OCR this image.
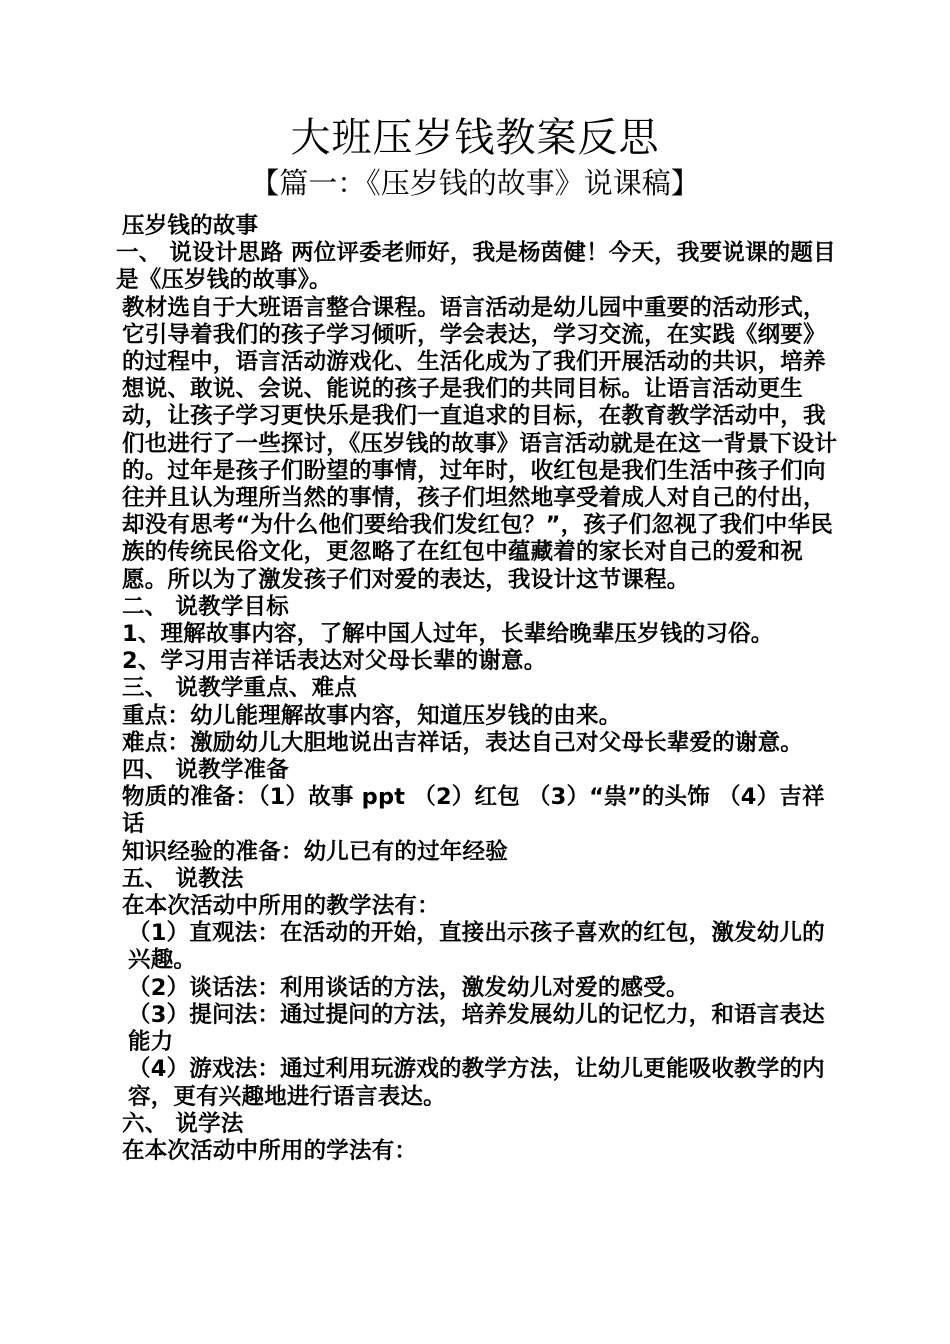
大班压岁钱教案反思
【篇一：《压岁钱的故事》说课稿】

压岁钱的故事

一、 说设计思路 两位评委老师好，我是杨茵健！今天，我要说课的题目是《压岁钱的故事》。

教材选自于大班语言整合课程。语言活动是幼儿园中重要的活动形式，它引导着我们的孩子学习倾听，学会表达，学习交流，在实践《纲要》的过程中，语言活动游戏化、生活化成为了我们开展活动的共识，培养想说、敢说、会说、能说的孩子是我们的共同目标。让语言活动更生动，让孩子学习更快乐是我们一直追求的目标，在教育教学活动中，我们也进行了一些探讨，《压岁钱的故事》语言活动就是在这一背景下设计的。过年是孩子们盼望的事情，过年时，收红包是我们生活中孩子们向往并且认为理所当然的事情，孩子们坦然地享受着成人对自己的付出，却没有思考“为什么他们要给我们发红包？”，孩子们忽视了我们中华民族的传统民俗文化，更忽略了在红包中蕴藏着的家长对自己的爱和祝愿。所以为了激发孩子们对爱的表达，我设计这节课程。

二、 说教学目标

1、理解故事内容，了解中国人过年，长辈给晚辈压岁钱的习俗。

2、学习用吉祥话表达对父母长辈的谢意。

三、 说教学重点、难点

重点：幼儿能理解故事内容，知道压岁钱的由来。

难点：激励幼儿大胆地说出吉祥话，表达自己对父母长辈爱的谢意。

四、 说教学准备

物质的准备：（1）故事 ppt （2）红包 （3）“祟”的头饰 （4）吉祥话

知识经验的准备：幼儿已有的过年经验

五、 说教法

在本次活动中所用的教学法有：

（1）直观法：在活动的开始，直接出示孩子喜欢的红包，激发幼儿的兴趣。

（2）谈话法：利用谈话的方法，激发幼儿对爱的感受。

（3）提问法：通过提问的方法，培养发展幼儿的记忆力，和语言表达能力

（4）游戏法：通过利用玩游戏的教学方法，让幼儿更能吸收教学的内容，更有兴趣地进行语言表达。

六、 说学法

在本次活动中所用的学法有：
